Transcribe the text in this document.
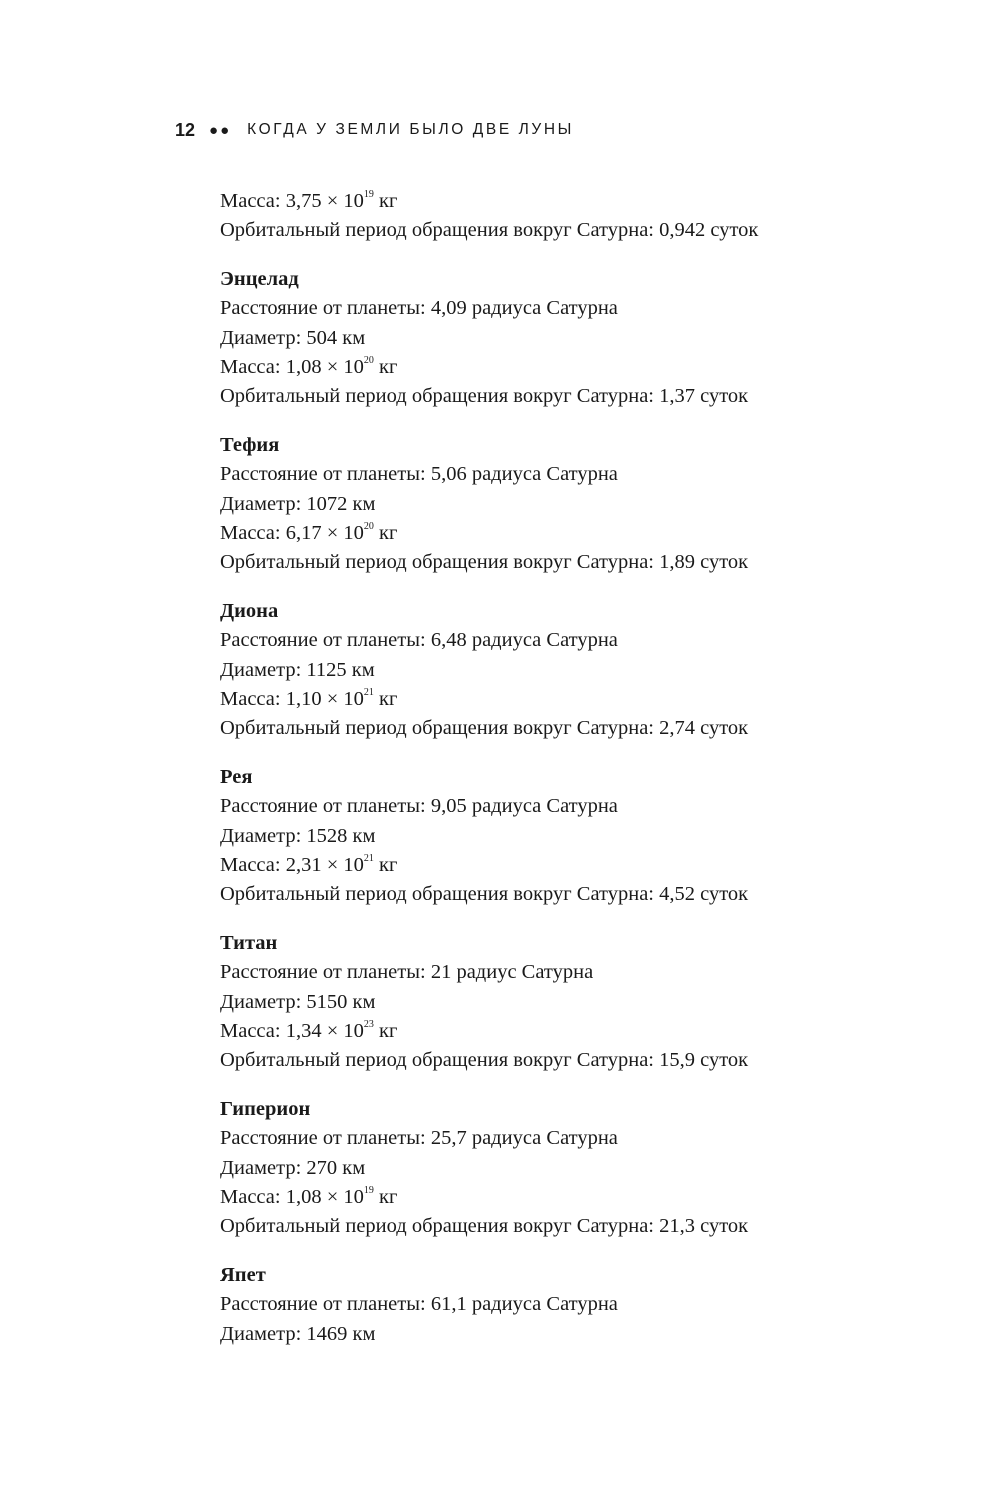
12 ●● КОГДА У ЗЕМЛИ БЫЛО ДВЕ ЛУНЫ
Масса: $3,75 \times 10^{19}$ кг
Орбитальный период обращения вокруг Сатурна: 0,942 суток
Энцелад
Расстояние от планеты: 4,09 радиуса Сатурна
Диаметр: 504 км
Масса: $1,08 \times 10^{20}$ кг
Орбитальный период обращения вокруг Сатурна: 1,37 суток
Тефия
Расстояние от планеты: 5,06 радиуса Сатурна
Диаметр: 1072 км
Масса: $6,17 \times 10^{20}$ кг
Орбитальный период обращения вокруг Сатурна: 1,89 суток
Диона
Расстояние от планеты: 6,48 радиуса Сатурна
Диаметр: 1125 км
Масса: $1,10 \times 10^{21}$ кг
Орбитальный период обращения вокруг Сатурна: 2,74 суток
Рея
Расстояние от планеты: 9,05 радиуса Сатурна
Диаметр: 1528 км
Масса: $2,31 \times 10^{21}$ кг
Орбитальный период обращения вокруг Сатурна: 4,52 суток
Титан
Расстояние от планеты: 21 радиус Сатурна
Диаметр: 5150 км
Масса: $1,34 \times 10^{23}$ кг
Орбитальный период обращения вокруг Сатурна: 15,9 суток
Гиперион
Расстояние от планеты: 25,7 радиуса Сатурна
Диаметр: 270 км
Масса: $1,08 \times 10^{19}$ кг
Орбитальный период обращения вокруг Сатурна: 21,3 суток
Япет
Расстояние от планеты: 61,1 радиуса Сатурна
Диаметр: 1469 км
